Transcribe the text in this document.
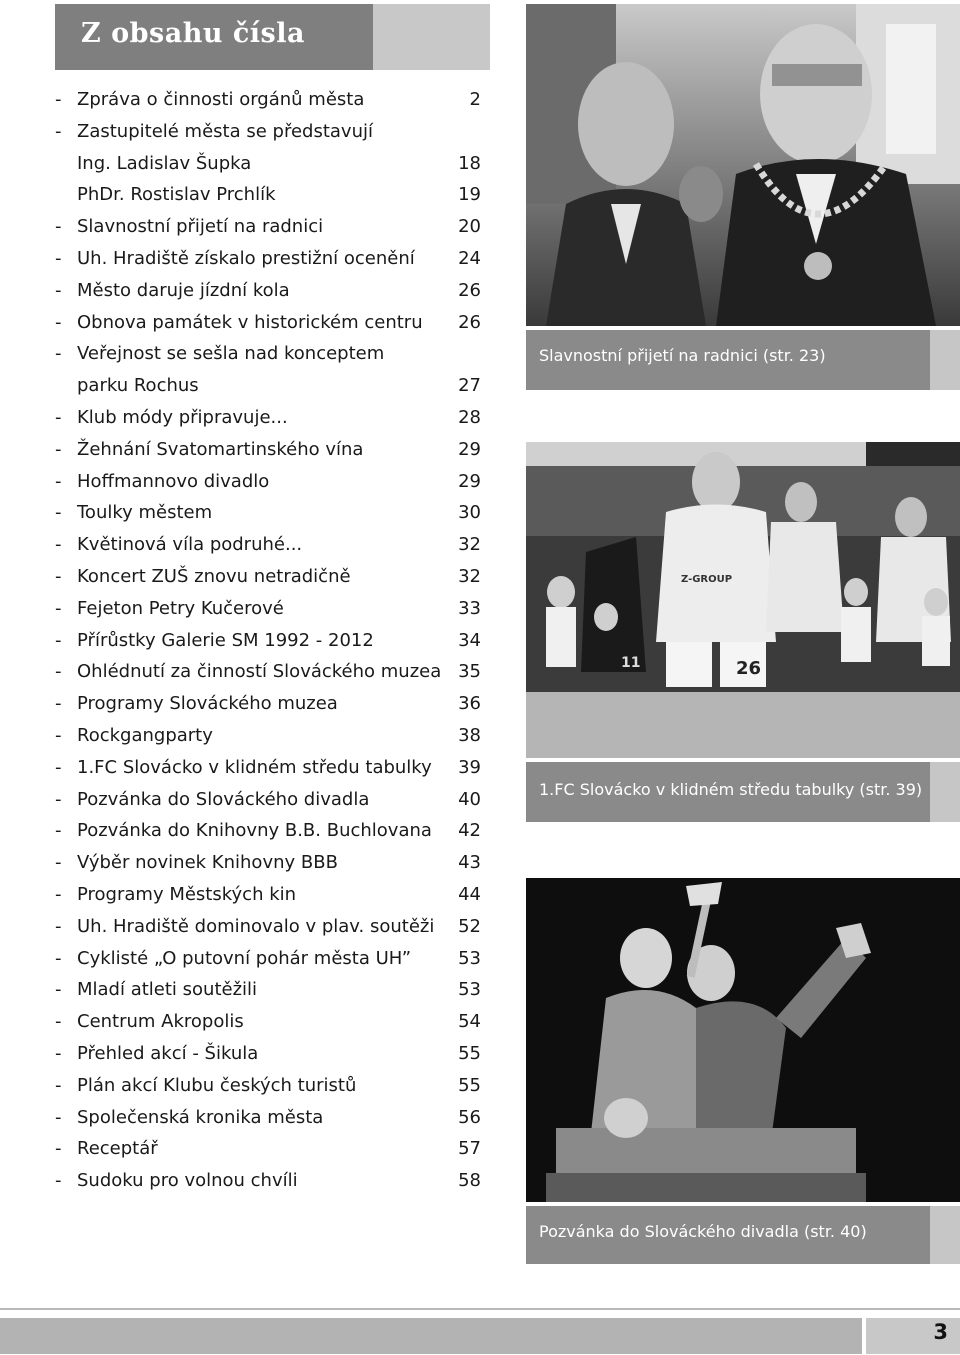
Z obsahu čísla
- Zpráva o činnosti orgánů města	2
- Zastupitelé města se představují
Ing. Ladislav Šupka	18
PhDr. Rostislav Prchlík	19
- Slavnostní přijetí na radnici	20
- Uh. Hradiště získalo prestižní ocenění 24
- Město daruje jízdní kola	26
- Obnova památek v historickém centru 26
- Veřejnost se sešla nad konceptem
parku Rochus	27
- Klub módy připravuje...	28
- Žehnání Svatomartinského vína	29
- Hoffmannovo divadlo	29
- Toulky městem	30
- Květinová víla podruhé...	32
- Koncert ZUŠ znovu netradičně	32
- Fejeton Petry Kučerové	33
- Přírůstky Galerie SM 1992 - 2012	34
- Ohlédnutí za činností Slováckého muzea 35
- Programy Slováckého muzea	36
- Rockgangparty	38
- 1.FC Slovácko v klidném středu tabulky 39
- Pozvánka do Slováckého divadla	40
- Pozvánka do Knihovny B.B. Buchlovana 42
- Výběr novinek Knihovny BBB	43
- Programy Městských kin	44
- Uh. Hradiště dominovalo v plav. soutěži 52
- Cyklisté „O putovní pohár města UH”	53
- Mladí atleti soutěžili	53
- Centrum Akropolis	54
- Přehled akcí - Šikula	55
- Plán akcí Klubu českých turistů	55
- Společenská kronika města	56
- Receptář	57
- Sudoku pro volnou chvíli	58
Slavnostní přijetí na radnici (str. 23)
Z-GROUP
26
11
1.FC Slovácko v klidném středu tabulky (str. 39)
Pozvánka do Slováckého divadla (str. 40)
3
